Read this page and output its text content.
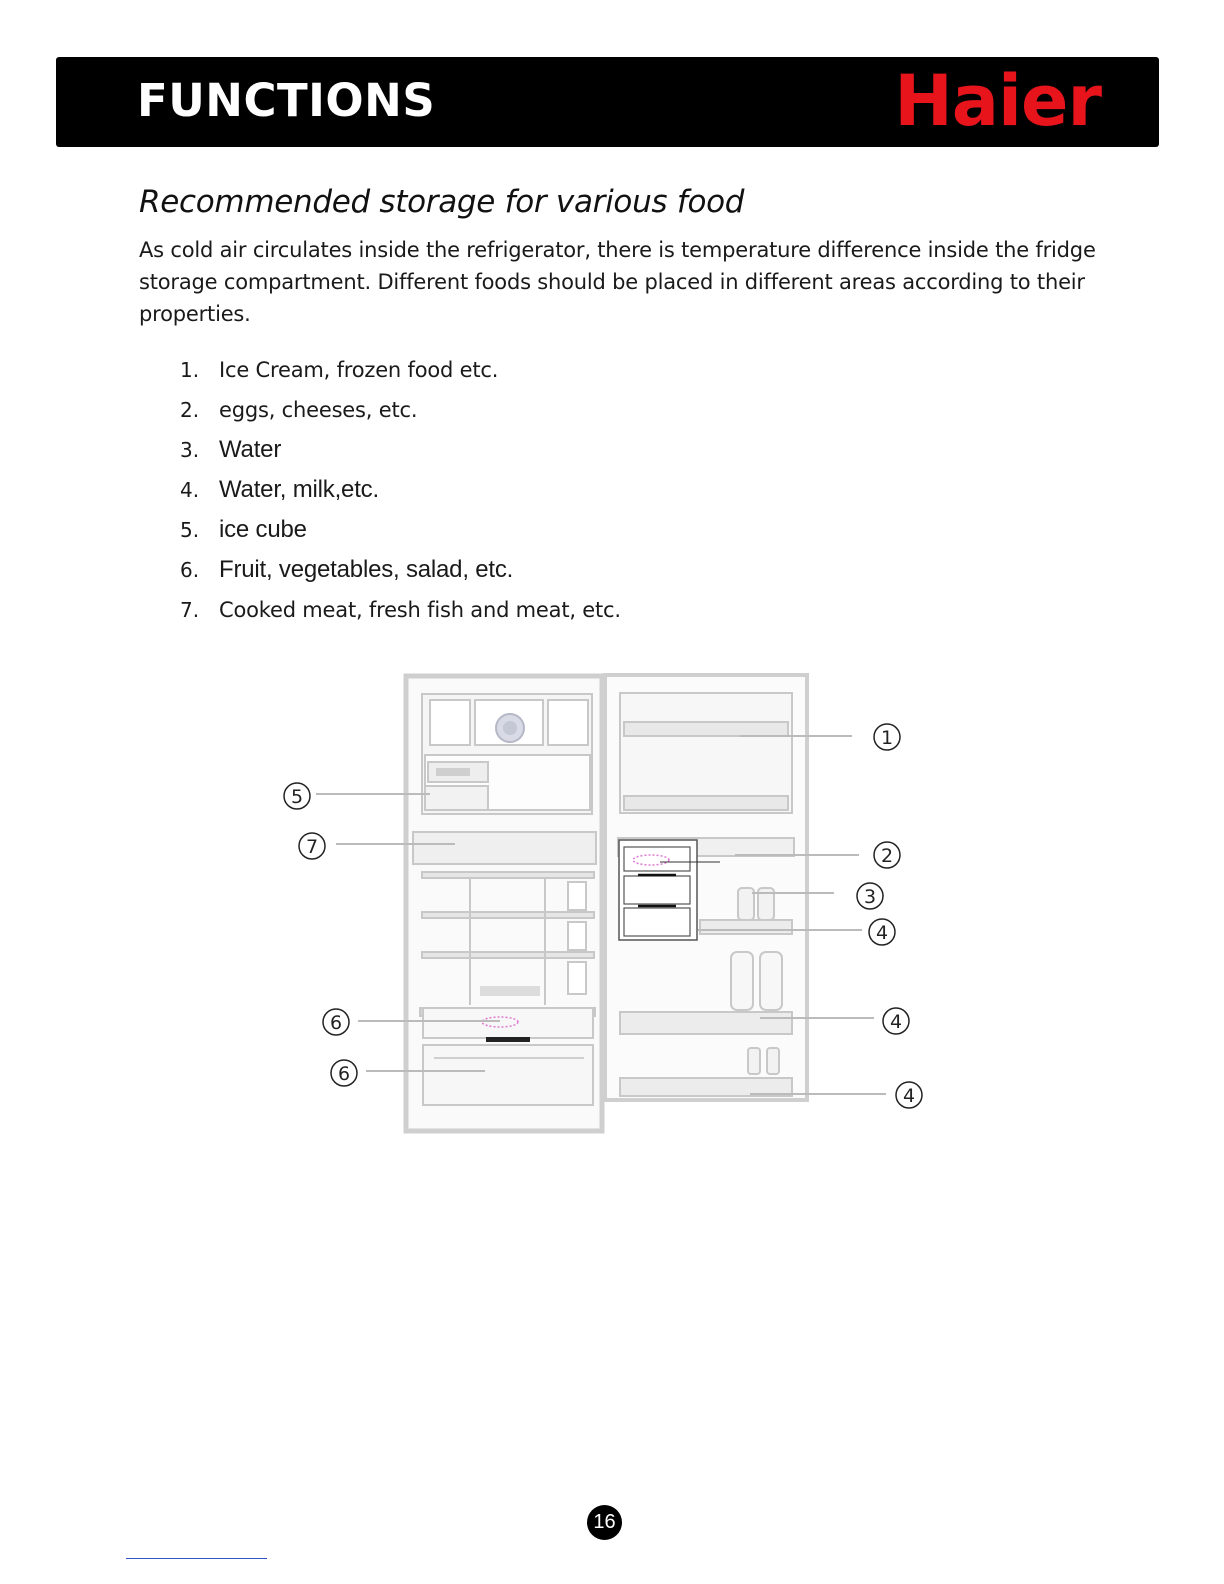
FUNCTIONS	Haier
Recommended storage for various food

As cold air circulates inside the refrigerator, there is temperature difference inside the fridge storage compartment. Different foods should be placed in different areas according to their properties.

1. Ice Cream, frozen food etc.
2. eggs, cheeses, etc.
3. Water
4. Water, milk,etc.
5. ice cube
6. Fruit, vegetables, salad, etc.
7. Cooked meat, fresh fish and meat, etc.
1
2
3
4
4
4
5
7
6
6
16
